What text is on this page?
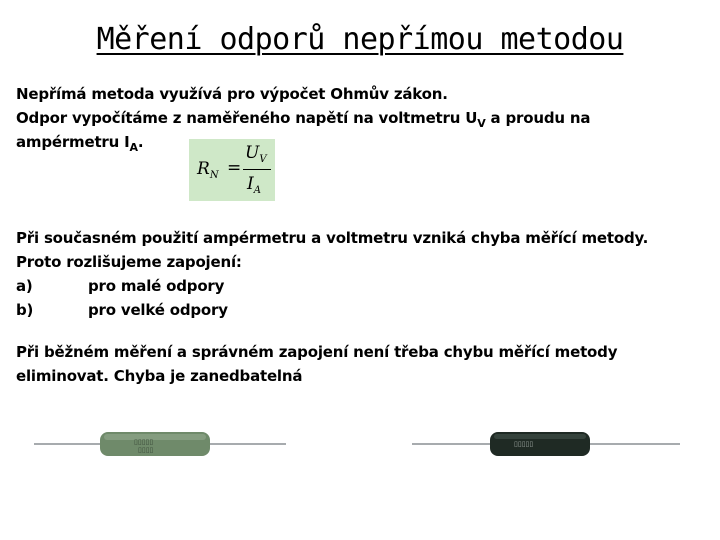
Měření odporů nepřímou metodou
Nepřímá metoda využívá pro výpočet Ohmův zákon.
Odpor vypočítáme z naměřeného napětí na voltmetru $U_V$ a proudu na
ampérmetru $I_A$.
$R_N$ =
$U_V$
$I_A$
Při současném použití ampérmetru a voltmetru vzniká chyba měřící metody.
Proto rozlišujeme zapojení:
a)	pro malé odpory
b)	pro velké odpory
Při běžném měření a správném zapojení není třeba chybu měřící metody
eliminovat. Chyba je zanedbatelná
▯▯▯▯▯
▯▯▯▯
▯▯▯▯▯
